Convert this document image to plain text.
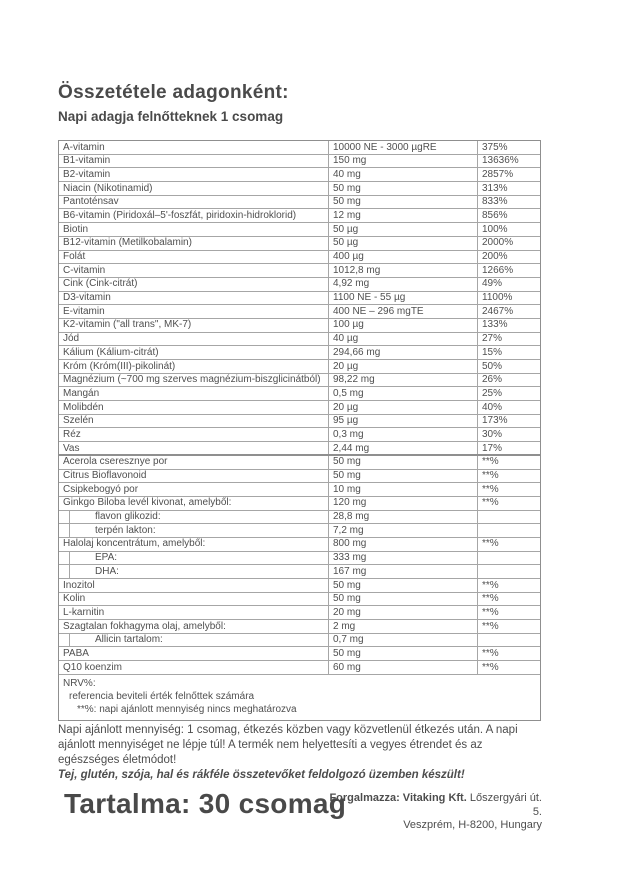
Összetétele adagonként:
Napi adagja felnőtteknek 1 csomag
A-vitamin	10000 NE - 3000 µgRE	375%
B1-vitamin	150 mg	13636%
B2-vitamin	40 mg	2857%
Niacin (Nikotinamid)	50 mg	313%
Pantoténsav	50 mg	833%
B6-vitamin (Piridoxál–5'-foszfát, piridoxin-hidroklorid)	12 mg	856%
Biotin	50 µg	100%
B12-vitamin (Metilkobalamin)	50 µg	2000%
Folát	400 µg	200%
C-vitamin	1012,8 mg	1266%
Cink (Cink-citrát)	4,92 mg	49%
D3-vitamin	1100 NE - 55 µg	1100%
E-vitamin	400 NE – 296 mgTE	2467%
K2-vitamin ("all trans", MK-7)	100 µg	133%
Jód	40 µg	27%
Kálium (Kálium-citrát)	294,66 mg	15%
Króm (Króm(III)-pikolinát)	20 µg	50%
Magnézium (~700 mg szerves magnézium-biszglicinátból)	98,22 mg	26%
Mangán	0,5 mg	25%
Molibdén	20 µg	40%
Szelén	95 µg	173%
Réz	0,3 mg	30%
Vas	2,44 mg	17%
Acerola cseresznye por	50 mg	**%
Citrus Bioflavonoid	50 mg	**%
Csipkebogyó por	10 mg	**%
Ginkgo Biloba levél kivonat, amelyből:	120 mg	**%
flavon glikozid:	28,8 mg
terpén lakton:	7,2 mg
Halolaj koncentrátum, amelyből:	800 mg	**%
EPA:	333 mg
DHA:	167 mg
Inozitol	50 mg	**%
Kolin	50 mg	**%
L-karnitin	20 mg	**%
Szagtalan fokhagyma olaj, amelyből:	2 mg	**%
Allicin tartalom:	0,7 mg
PABA	50 mg	**%
Q10 koenzim	60 mg	**%
NRV%:
referencia beviteli érték felnőttek számára
**%: napi ajánlott mennyiség nincs meghatározva
Napi ajánlott mennyiség: 1 csomag, étkezés közben vagy közvetlenül étkezés után. A napi ajánlott mennyiséget ne lépje túl! A termék nem helyettesíti a vegyes étrendet és az egészséges életmódot!
Tej, glutén, szója, hal és rákféle összetevőket feldolgozó üzemben készült!
Tartalma: 30 csomag
Forgalmazza: Vitaking Kft. Lőszergyári út. 5.
Veszprém, H-8200, Hungary
